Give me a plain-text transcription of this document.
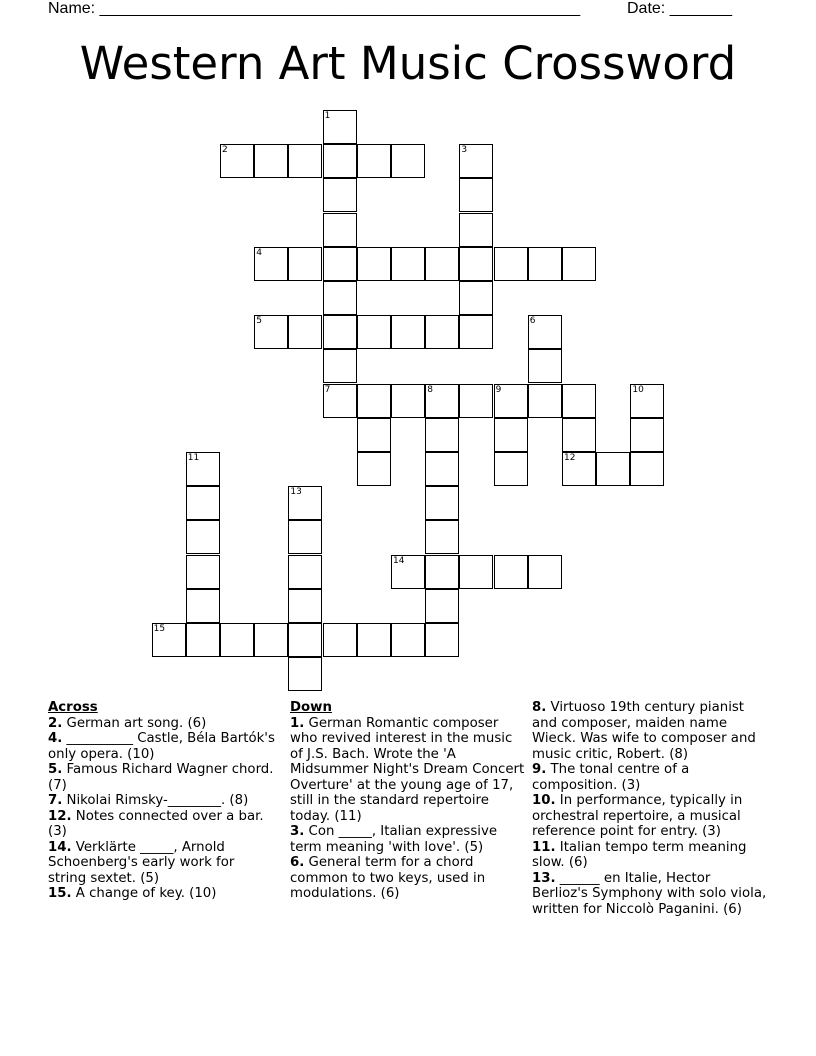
Name: ______________________________________________________	Date: _______
Western Art Music Crossword
1
2	3
4
5	6
7	8	9	10
11	12
13
14
15
Across
2. German art song. (6)
4. __________ Castle, Béla Bartók's only opera. (10)
5. Famous Richard Wagner chord. (7)
7. Nikolai Rimsky-________. (8)
12. Notes connected over a bar. (3)
14. Verklärte _____, Arnold Schoenberg's early work for string sextet. (5)
15. A change of key. (10)
Down
1. German Romantic composer who revived interest in the music of J.S. Bach. Wrote the 'A Midsummer Night's Dream Concert Overture' at the young age of 17, still in the standard repertoire today. (11)
3. Con _____, Italian expressive term meaning 'with love'. (5)
6. General term for a chord common to two keys, used in modulations. (6)
8. Virtuoso 19th century pianist and composer, maiden name Wieck. Was wife to composer and music critic, Robert. (8)
9. The tonal centre of a composition. (3)
10. In performance, typically in orchestral repertoire, a musical reference point for entry. (3)
11. Italian tempo term meaning slow. (6)
13. ______ en Italie, Hector Berlioz's Symphony with solo viola, written for Niccolò Paganini. (6)
